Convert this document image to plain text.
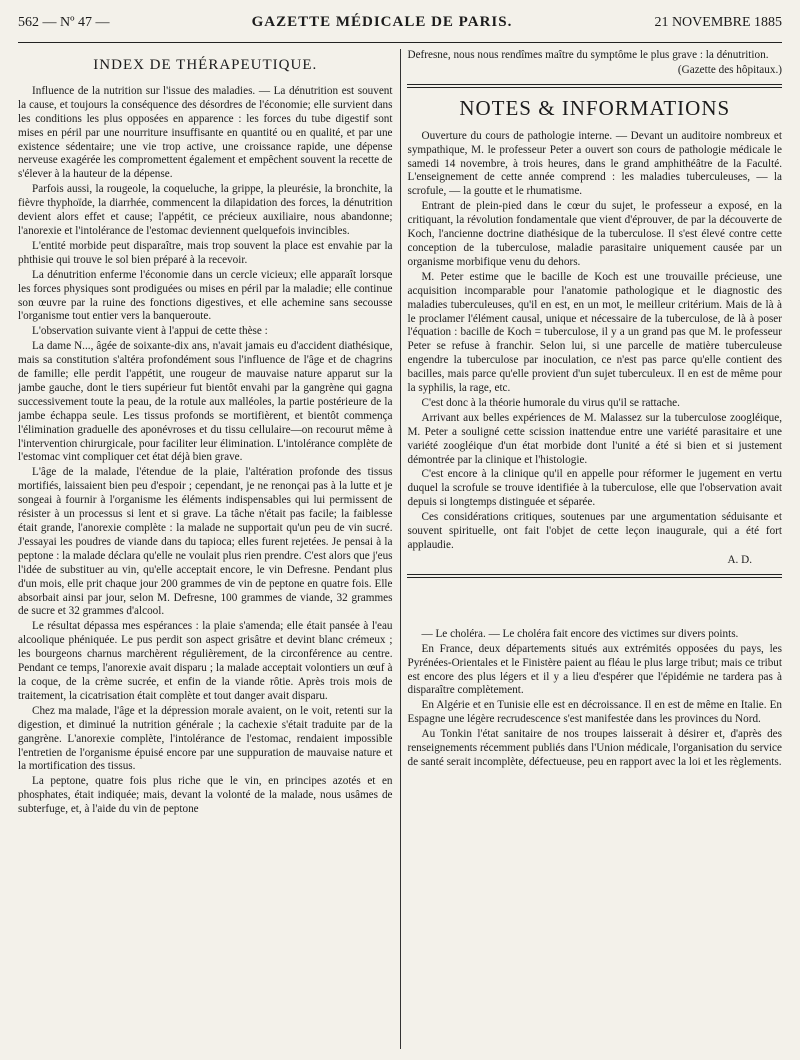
562 — Nº 47 —	GAZETTE MÉDICALE DE PARIS.	21 NOVEMBRE 1885
INDEX DE THÉRAPEUTIQUE.

Influence de la nutrition sur l'issue des maladies. — La dénutrition est souvent la cause, et toujours la conséquence des désordres de l'économie; elle survient dans les conditions les plus opposées en apparence : les forces du tube digestif sont mises en péril par une nourriture insuffisante en quantité ou en qualité, et par une existence sédentaire; une vie trop active, une croissance rapide, une dépense nerveuse exagérée les compromettent également et empêchent souvent la recette de s'élever à la hauteur de la dépense.

Parfois aussi, la rougeole, la coqueluche, la grippe, la pleurésie, la bronchite, la fièvre thyphoïde, la diarrhée, commencent la dilapidation des forces, la dénutrition devient alors effet et cause; l'appétit, ce précieux auxiliaire, nous abandonne; l'anorexie et l'intolérance de l'estomac deviennent quelquefois invincibles.

L'entité morbide peut disparaître, mais trop souvent la place est envahie par la phthisie qui trouve le sol bien préparé à la recevoir.

La dénutrition enferme l'économie dans un cercle vicieux; elle apparaît lorsque les forces physiques sont prodiguées ou mises en péril par la maladie; elle continue son œuvre par la ruine des fonctions digestives, et elle achemine sans secousse l'organisme tout entier vers la banqueroute.

L'observation suivante vient à l'appui de cette thèse :

La dame N..., âgée de soixante-dix ans, n'avait jamais eu d'accident diathésique, mais sa constitution s'altéra profondément sous l'influence de l'âge et de chagrins de famille; elle perdit l'appétit, une rougeur de mauvaise nature apparut sur la jambe gauche, dont le tiers supérieur fut bientôt envahi par la gangrène qui gagna successivement toute la peau, de la rotule aux malléoles, la partie postérieure de la jambe échappa seule. Les tissus profonds se mortifièrent, et bientôt commença l'élimination graduelle des aponévroses et du tissu cellulaire—on recourut même à l'intervention chirurgicale, pour faciliter leur élimination. L'intolérance complète de l'estomac vint compliquer cet état déjà bien grave.

L'âge de la malade, l'étendue de la plaie, l'altération profonde des tissus mortifiés, laissaient bien peu d'espoir ; cependant, je ne renonçai pas à la lutte et je songeai à fournir à l'organisme les éléments indispensables qui lui permissent de résister à un processus si lent et si grave. La tâche n'était pas facile; la faiblesse était grande, l'anorexie complète : la malade ne supportait qu'un peu de vin sucré. J'essayai les poudres de viande dans du tapioca; elles furent rejetées. Je pensai à la peptone : la malade déclara qu'elle ne voulait plus rien prendre. C'est alors que j'eus l'idée de substituer au vin, qu'elle acceptait encore, le vin Defresne. Pendant plus d'un mois, elle prit chaque jour 200 grammes de vin de peptone en quatre fois. Elle absorbait ainsi par jour, selon M. Defresne, 100 grammes de viande, 32 grammes de sucre et 32 grammes d'alcool.

Le résultat dépassa mes espérances : la plaie s'amenda; elle était pansée à l'eau alcoolique phéniquée. Le pus perdit son aspect grisâtre et devint blanc crémeux ; les bourgeons charnus marchèrent régulièrement, de la circonférence au centre. Pendant ce temps, l'anorexie avait disparu ; la malade acceptait volontiers un œuf à la coque, de la crème sucrée, et enfin de la viande rôtie. Après trois mois de traitement, la cicatrisation était complète et tout danger avait disparu.

Chez ma malade, l'âge et la dépression morale avaient, on le voit, retenti sur la digestion, et diminué la nutrition générale ; la cachexie s'était traduite par de la gangrène. L'anorexie complète, l'intolérance de l'estomac, rendaient impossible l'entretien de l'organisme épuisé encore par une suppuration de mauvaise nature et la mortification des tissus.

La peptone, quatre fois plus riche que le vin, en principes azotés et en phosphates, était indiquée; mais, devant la volonté de la malade, nous usâmes de subterfuge, et, à l'aide du vin de peptone

Defresne, nous nous rendîmes maître du symptôme le plus grave : la dénutrition.

(Gazette des hôpitaux.)
NOTES & INFORMATIONS

Ouverture du cours de pathologie interne. — Devant un auditoire nombreux et sympathique, M. le professeur Peter a ouvert son cours de pathologie médicale le samedi 14 novembre, à trois heures, dans le grand amphithéâtre de la Faculté. L'enseignement de cette année comprend : les maladies tuberculeuses, — la scrofule, — la goutte et le rhumatisme.

Entrant de plein-pied dans le cœur du sujet, le professeur a exposé, en la critiquant, la révolution fondamentale que vient d'éprouver, de par la découverte de Koch, l'ancienne doctrine diathésique de la tuberculose. Il s'est élevé contre cette conception de la tuberculose, maladie parasitaire uniquement causée par un organisme morbifique venu du dehors.

M. Peter estime que le bacille de Koch est une trouvaille précieuse, une acquisition incomparable pour l'anatomie pathologique et le diagnostic des maladies tuberculeuses, qu'il en est, en un mot, le meilleur critérium. Mais de là à le proclamer l'élément causal, unique et nécessaire de la tuberculose, de là à poser l'équation : bacille de Koch = tuberculose, il y a un grand pas que M. le professeur Peter se refuse à franchir. Selon lui, si une parcelle de matière tuberculeuse engendre la tuberculose par inoculation, ce n'est pas parce qu'elle contient des bacilles, mais parce qu'elle provient d'un sujet tuberculeux. Il en est de même pour la syphilis, la rage, etc.

C'est donc à la théorie humorale du virus qu'il se rattache.

Arrivant aux belles expériences de M. Malassez sur la tuberculose zoogléique, M. Peter a souligné cette scission inattendue entre une variété parasitaire et une variété zoogléique d'un état morbide dont l'unité a été si bien et si justement démontrée par la clinique et l'histologie.

C'est encore à la clinique qu'il en appelle pour réformer le jugement en vertu duquel la scrofule se trouve identifiée à la tuberculose, elle que l'observation avait depuis si longtemps distinguée et séparée.

Ces considérations critiques, soutenues par une argumentation séduisante et souvent spirituelle, ont fait l'objet de cette leçon inaugurale, qui a été fort applaudie.

A. D.

— Le choléra. — Le choléra fait encore des victimes sur divers points.

En France, deux départements situés aux extrémités opposées du pays, les Pyrénées-Orientales et le Finistère paient au fléau le plus large tribut; mais ce tribut est encore des plus légers et il y a lieu d'espérer que l'épidémie ne tardera pas à disparaître complètement.

En Algérie et en Tunisie elle est en décroissance. Il en est de même en Italie. En Espagne une légère recrudescence s'est manifestée dans les provinces du Nord.

Au Tonkin l'état sanitaire de nos troupes laisserait à désirer et, d'après des renseignements récemment publiés dans l'Union médicale, l'organisation du service de santé serait incomplète, défectueuse, peu en rapport avec la loi et les règlements.
